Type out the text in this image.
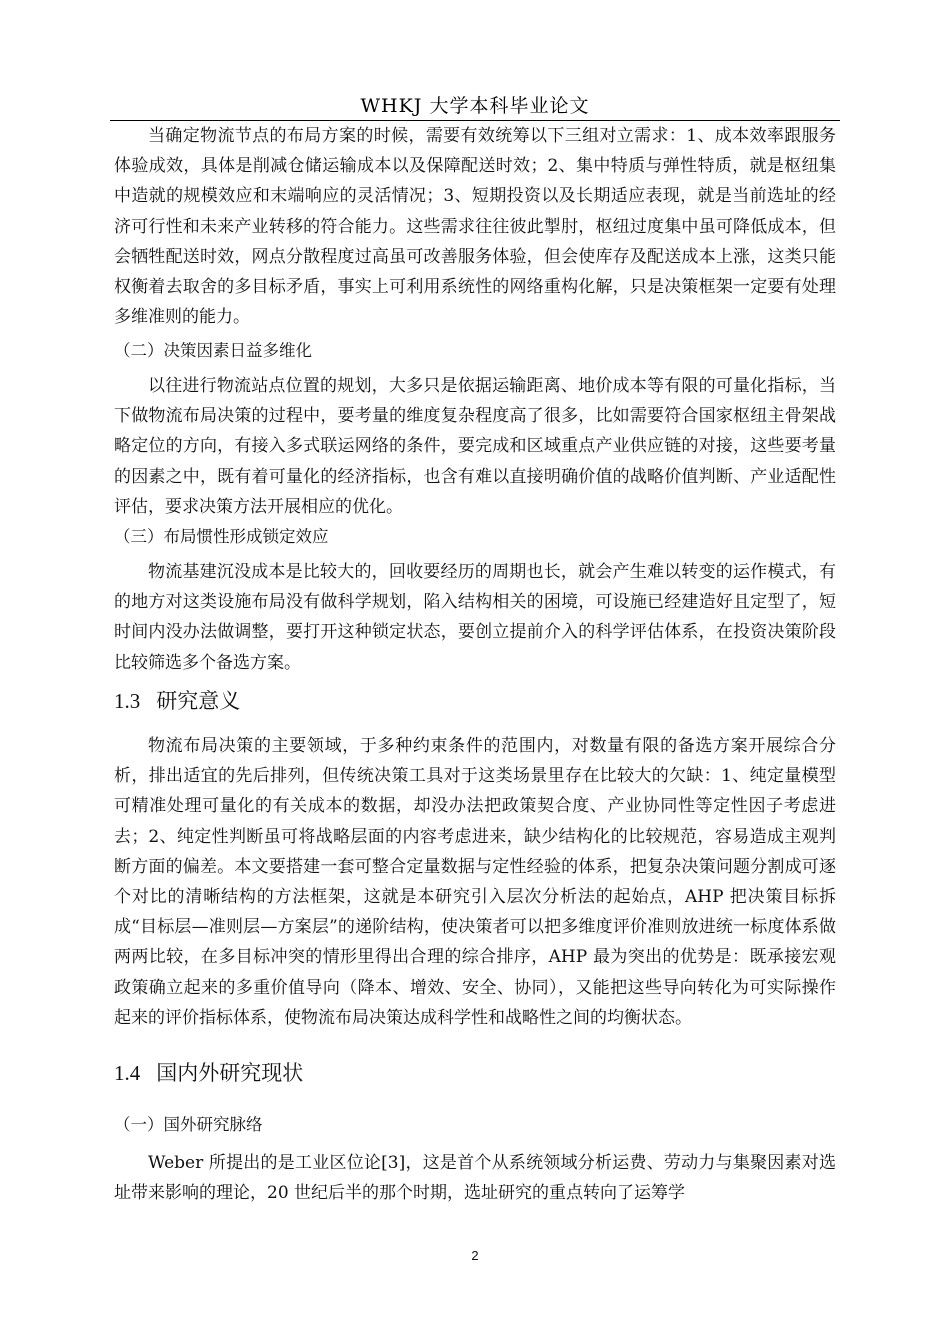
WHKJ 大学本科毕业论文

当确定物流节点的布局方案的时候，需要有效统筹以下三组对立需求：1、成本效率跟服务体验成效，具体是削减仓储运输成本以及保障配送时效；2、集中特质与弹性特质，就是枢纽集中造就的规模效应和末端响应的灵活情况；3、短期投资以及长期适应表现，就是当前选址的经济可行性和未来产业转移的符合能力。这些需求往往彼此掣肘，枢纽过度集中虽可降低成本，但会牺牲配送时效，网点分散程度过高虽可改善服务体验，但会使库存及配送成本上涨，这类只能权衡着去取舍的多目标矛盾，事实上可利用系统性的网络重构化解，只是决策框架一定要有处理多维准则的能力。

（二）决策因素日益多维化

以往进行物流站点位置的规划，大多只是依据运输距离、地价成本等有限的可量化指标，当下做物流布局决策的过程中，要考量的维度复杂程度高了很多，比如需要符合国家枢纽主骨架战略定位的方向，有接入多式联运网络的条件，要完成和区域重点产业供应链的对接，这些要考量的因素之中，既有着可量化的经济指标，也含有难以直接明确价值的战略价值判断、产业适配性评估，要求决策方法开展相应的优化。

（三）布局惯性形成锁定效应

物流基建沉没成本是比较大的，回收要经历的周期也长，就会产生难以转变的运作模式，有的地方对这类设施布局没有做科学规划，陷入结构相关的困境，可设施已经建造好且定型了，短时间内没办法做调整，要打开这种锁定状态，要创立提前介入的科学评估体系，在投资决策阶段比较筛选多个备选方案。

1.3 研究意义

物流布局决策的主要领域，于多种约束条件的范围内，对数量有限的备选方案开展综合分析，排出适宜的先后排列，但传统决策工具对于这类场景里存在比较大的欠缺：1、纯定量模型可精准处理可量化的有关成本的数据，却没办法把政策契合度、产业协同性等定性因子考虑进去；2、纯定性判断虽可将战略层面的内容考虑进来，缺少结构化的比较规范，容易造成主观判断方面的偏差。本文要搭建一套可整合定量数据与定性经验的体系，把复杂决策问题分割成可逐个对比的清晰结构的方法框架，这就是本研究引入层次分析法的起始点，AHP 把决策目标拆成“目标层—准则层—方案层”的递阶结构，使决策者可以把多维度评价准则放进统一标度体系做两两比较，在多目标冲突的情形里得出合理的综合排序，AHP 最为突出的优势是：既承接宏观政策确立起来的多重价值导向（降本、增效、安全、协同），又能把这些导向转化为可实际操作起来的评价指标体系，使物流布局决策达成科学性和战略性之间的均衡状态。

1.4 国内外研究现状
（一）国外研究脉络

Weber 所提出的是工业区位论[3]，这是首个从系统领域分析运费、劳动力与集聚因素对选址带来影响的理论，20 世纪后半的那个时期，选址研究的重点转向了运筹学

2
